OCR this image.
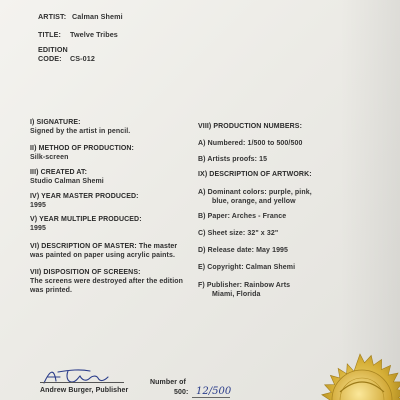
ARTIST: Calman Shemi
TITLE: Twelve Tribes
EDITION
CODE: CS-012
I) SIGNATURE:
Signed by the artist in pencil.
II) METHOD OF PRODUCTION:
Silk-screen
III) CREATED AT:
Studio Calman Shemi
IV) YEAR MASTER PRODUCED:
1995
V) YEAR MULTIPLE PRODUCED:
1995
VI) DESCRIPTION OF MASTER: The master
was painted on paper using acrylic paints.
VII) DISPOSITION OF SCREENS:
The screens were destroyed after the edition
was printed.
VIII) PRODUCTION NUMBERS:
A) Numbered: 1/500 to 500/500
B) Artists proofs: 15
IX) DESCRIPTION OF ARTWORK:
A) Dominant colors: purple, pink,
blue, orange, and yellow
B) Paper: Arches - France
C) Sheet size: 32" x 32"
D) Release date: May 1995
E) Copyright: Calman Shemi
F) Publisher: Rainbow Arts
Miami, Florida
Andrew Burger, Publisher
Number of
500: 12/500
